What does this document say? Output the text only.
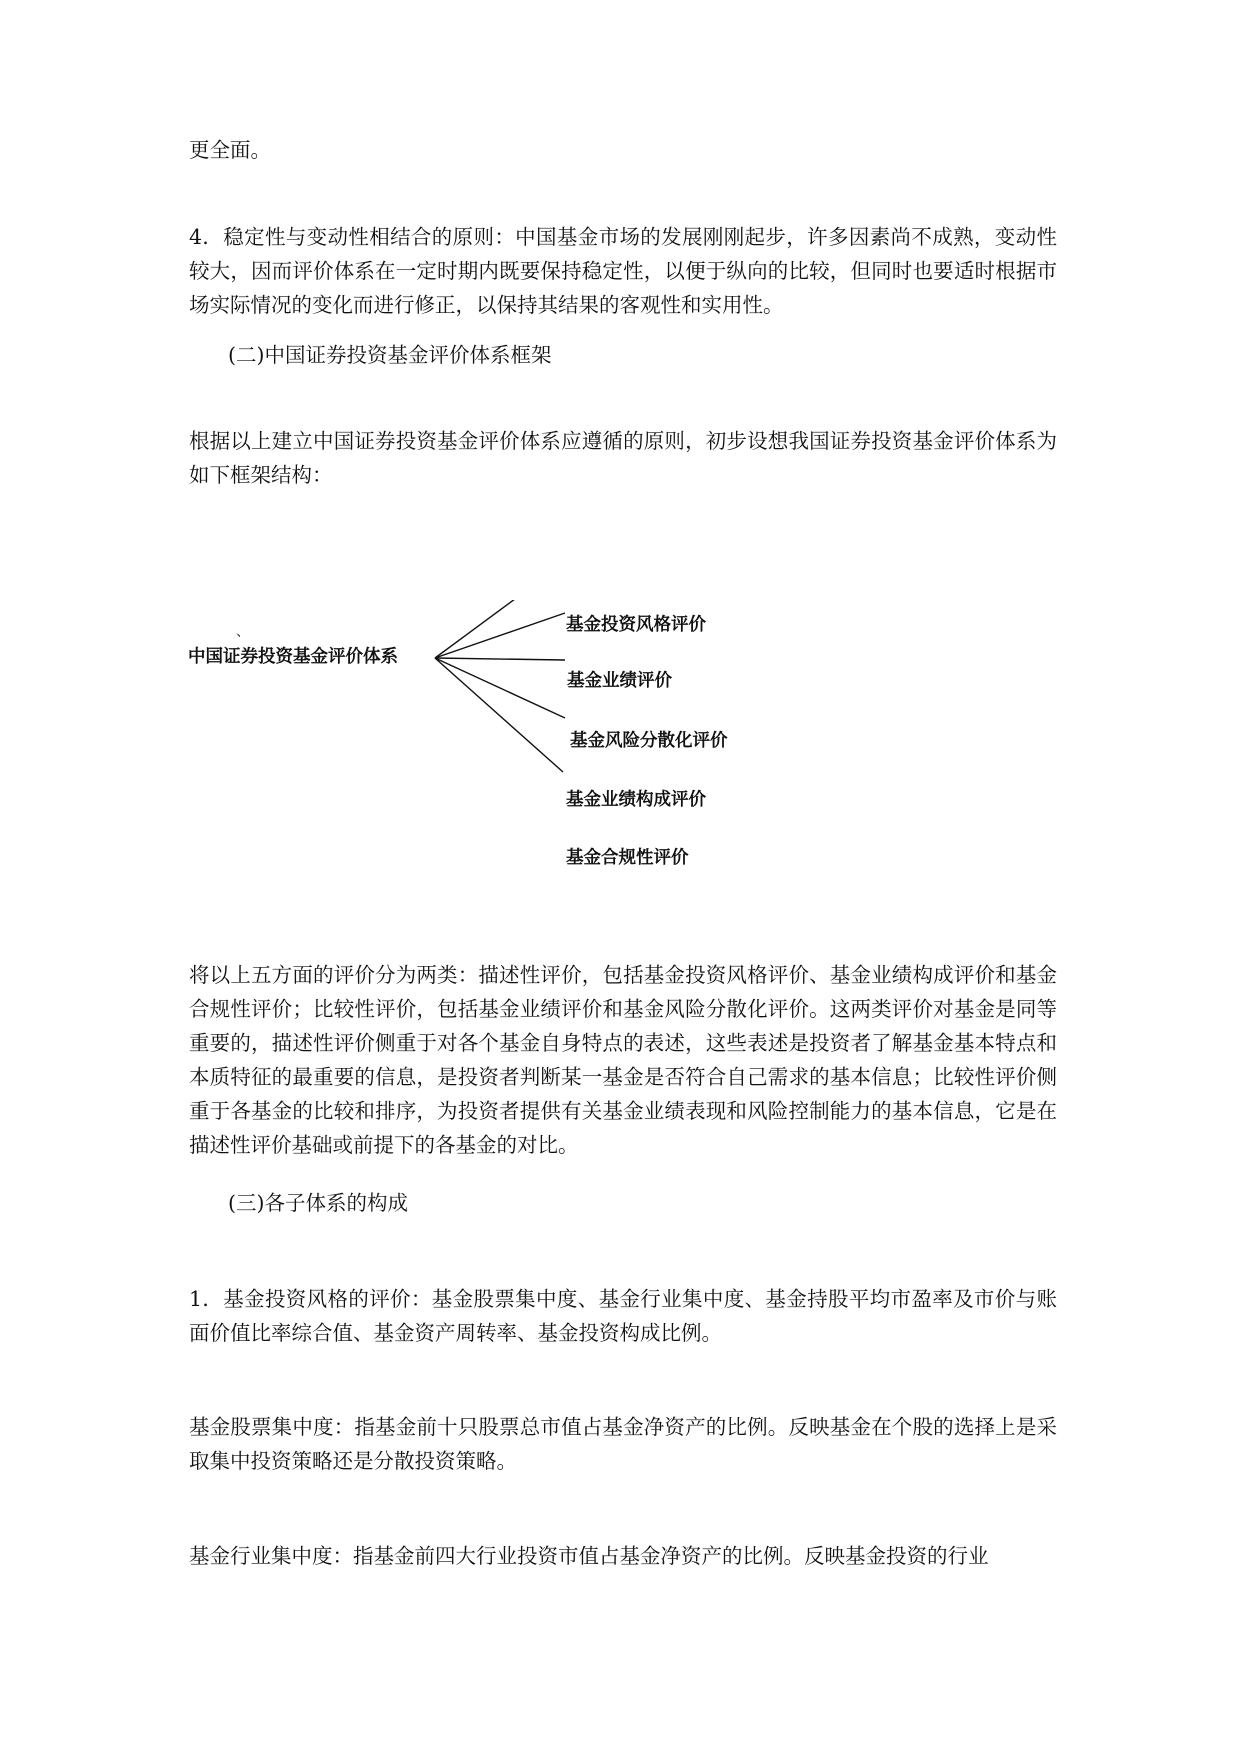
更全面。

4．稳定性与变动性相结合的原则：中国基金市场的发展刚刚起步，许多因素尚不成熟，变动性较大，因而评价体系在一定时期内既要保持稳定性，以便于纵向的比较，但同时也要适时根据市场实际情况的变化而进行修正，以保持其结果的客观性和实用性。

(二)中国证券投资基金评价体系框架

根据以上建立中国证券投资基金评价体系应遵循的原则，初步设想我国证券投资基金评价体系为如下框架结构：

、
中国证券投资基金评价体系
基金投资风格评价
基金业绩评价
基金风险分散化评价
基金业绩构成评价
基金合规性评价

将以上五方面的评价分为两类：描述性评价，包括基金投资风格评价、基金业绩构成评价和基金合规性评价；比较性评价，包括基金业绩评价和基金风险分散化评价。这两类评价对基金是同等重要的，描述性评价侧重于对各个基金自身特点的表述，这些表述是投资者了解基金基本特点和本质特征的最重要的信息，是投资者判断某一基金是否符合自己需求的基本信息；比较性评价侧重于各基金的比较和排序，为投资者提供有关基金业绩表现和风险控制能力的基本信息，它是在描述性评价基础或前提下的各基金的对比。

(三)各子体系的构成

1．基金投资风格的评价：基金股票集中度、基金行业集中度、基金持股平均市盈率及市价与账面价值比率综合值、基金资产周转率、基金投资构成比例。

基金股票集中度：指基金前十只股票总市值占基金净资产的比例。反映基金在个股的选择上是采取集中投资策略还是分散投资策略。

基金行业集中度：指基金前四大行业投资市值占基金净资产的比例。反映基金投资的行业
